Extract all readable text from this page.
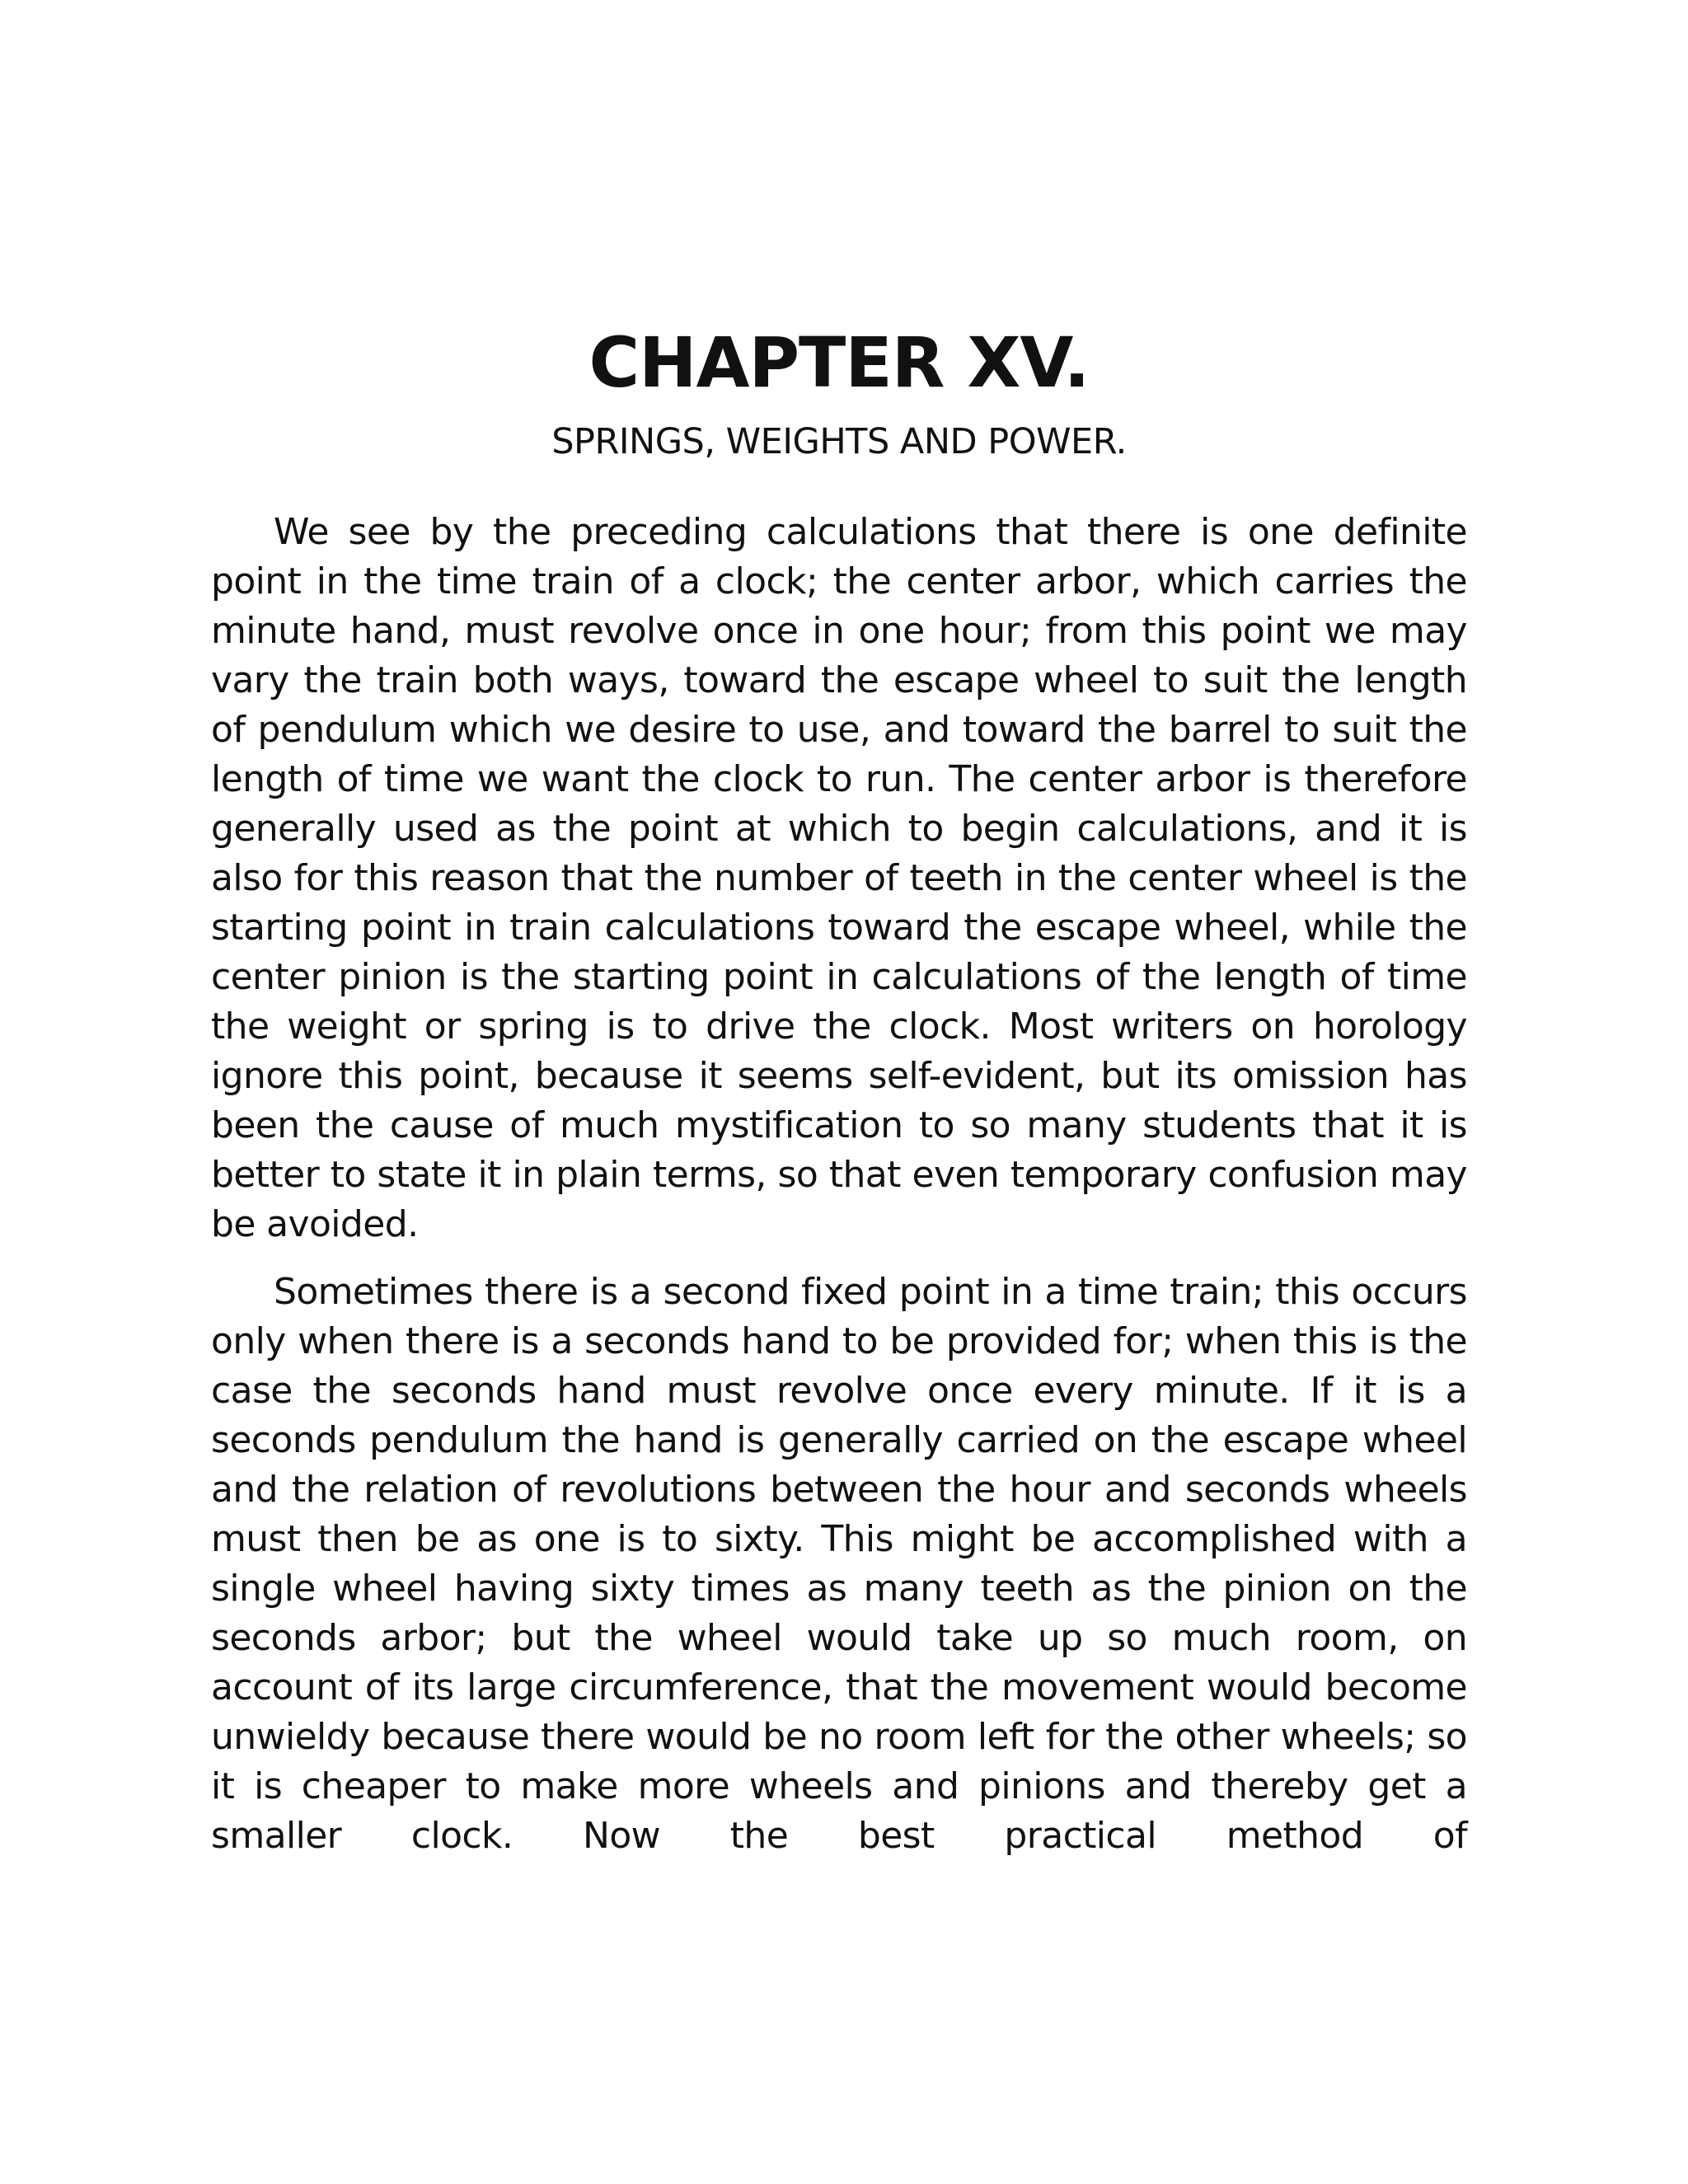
CHAPTER XV.
SPRINGS, WEIGHTS AND POWER.

We see by the preceding calculations that there is one definite point in the time train of a clock; the center arbor, which carries the minute hand, must revolve once in one hour; from this point we may vary the train both ways, toward the escape wheel to suit the length of pendulum which we desire to use, and toward the barrel to suit the length of time we want the clock to run. The center arbor is therefore generally used as the point at which to begin calculations, and it is also for this reason that the number of teeth in the center wheel is the starting point in train calculations toward the escape wheel, while the center pinion is the starting point in calculations of the length of time the weight or spring is to drive the clock. Most writers on horology ignore this point, because it seems self-evident, but its omission has been the cause of much mystification to so many students that it is better to state it in plain terms, so that even temporary confusion may be avoided.

Sometimes there is a second fixed point in a time train; this occurs only when there is a seconds hand to be provided for; when this is the case the seconds hand must revolve once every minute. If it is a seconds pendulum the hand is generally carried on the escape wheel and the relation of revolutions between the hour and seconds wheels must then be as one is to sixty. This might be accomplished with a single wheel having sixty times as many teeth as the pinion on the seconds arbor; but the wheel would take up so much room, on account of its large circumference, that the movement would become unwieldy because there would be no room left for the other wheels; so it is cheaper to make more wheels and pinions and thereby get a smaller clock. Now the best practical method of
